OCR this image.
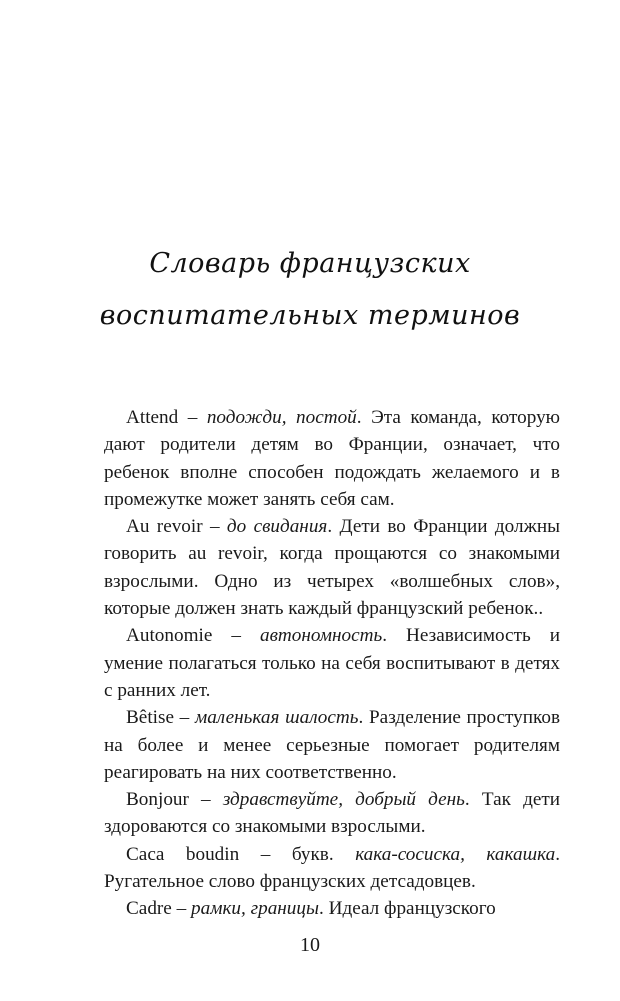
Словарь французских
воспитательных терминов

Attend – подожди, постой. Эта команда, которую дают родители детям во Франции, означает, что ребенок вполне способен подождать желаемого и в промежутке может занять себя сам.

Au revoir – до свидания. Дети во Франции должны говорить au revoir, когда прощаются со знакомыми взрослыми. Одно из четырех «волшебных слов», которые должен знать каждый французский ребенок..

Autonomie – автономность. Независимость и умение полагаться только на себя воспитывают в детях с ранних лет.

Bêtise – маленькая шалость. Разделение проступков на более и менее серьезные помогает родителям реагировать на них соответственно.

Bonjour – здравствуйте, добрый день. Так дети здороваются со знакомыми взрослыми.

Caca boudin – букв. кака-сосиска, какашка. Ругательное слово французских детсадовцев.

Cadre – рамки, границы. Идеал французского

10
